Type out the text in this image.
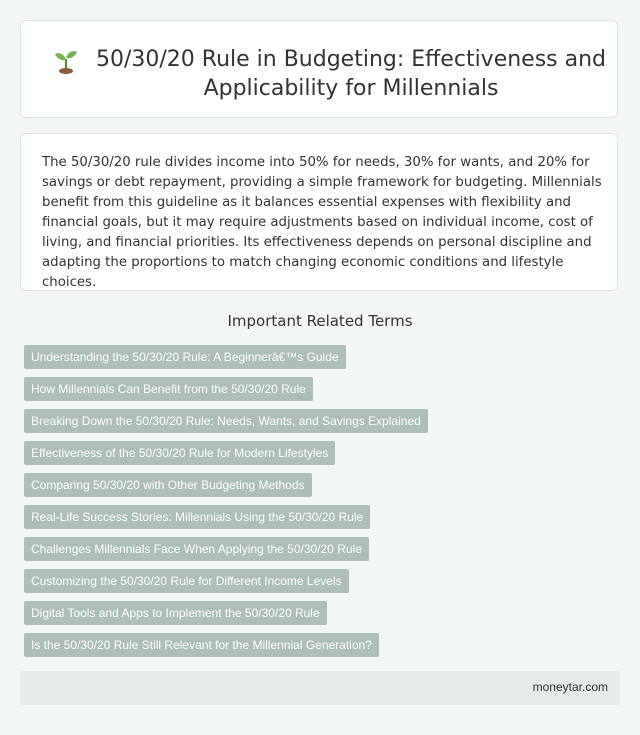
50/30/20 Rule in Budgeting: Effectiveness and Applicability for Millennials

The 50/30/20 rule divides income into 50% for needs, 30% for wants, and 20% for savings or debt repayment, providing a simple framework for budgeting. Millennials benefit from this guideline as it balances essential expenses with flexibility and financial goals, but it may require adjustments based on individual income, cost of living, and financial priorities. Its effectiveness depends on personal discipline and adapting the proportions to match changing economic conditions and lifestyle choices.

Important Related Terms
Understanding the 50/30/20 Rule: A Beginnerâ€™s Guide
How Millennials Can Benefit from the 50/30/20 Rule
Breaking Down the 50/30/20 Rule: Needs, Wants, and Savings Explained
Effectiveness of the 50/30/20 Rule for Modern Lifestyles
Comparing 50/30/20 with Other Budgeting Methods
Real-Life Success Stories: Millennials Using the 50/30/20 Rule
Challenges Millennials Face When Applying the 50/30/20 Rule
Customizing the 50/30/20 Rule for Different Income Levels
Digital Tools and Apps to Implement the 50/30/20 Rule
Is the 50/30/20 Rule Still Relevant for the Millennial Generation?
moneytar.com
